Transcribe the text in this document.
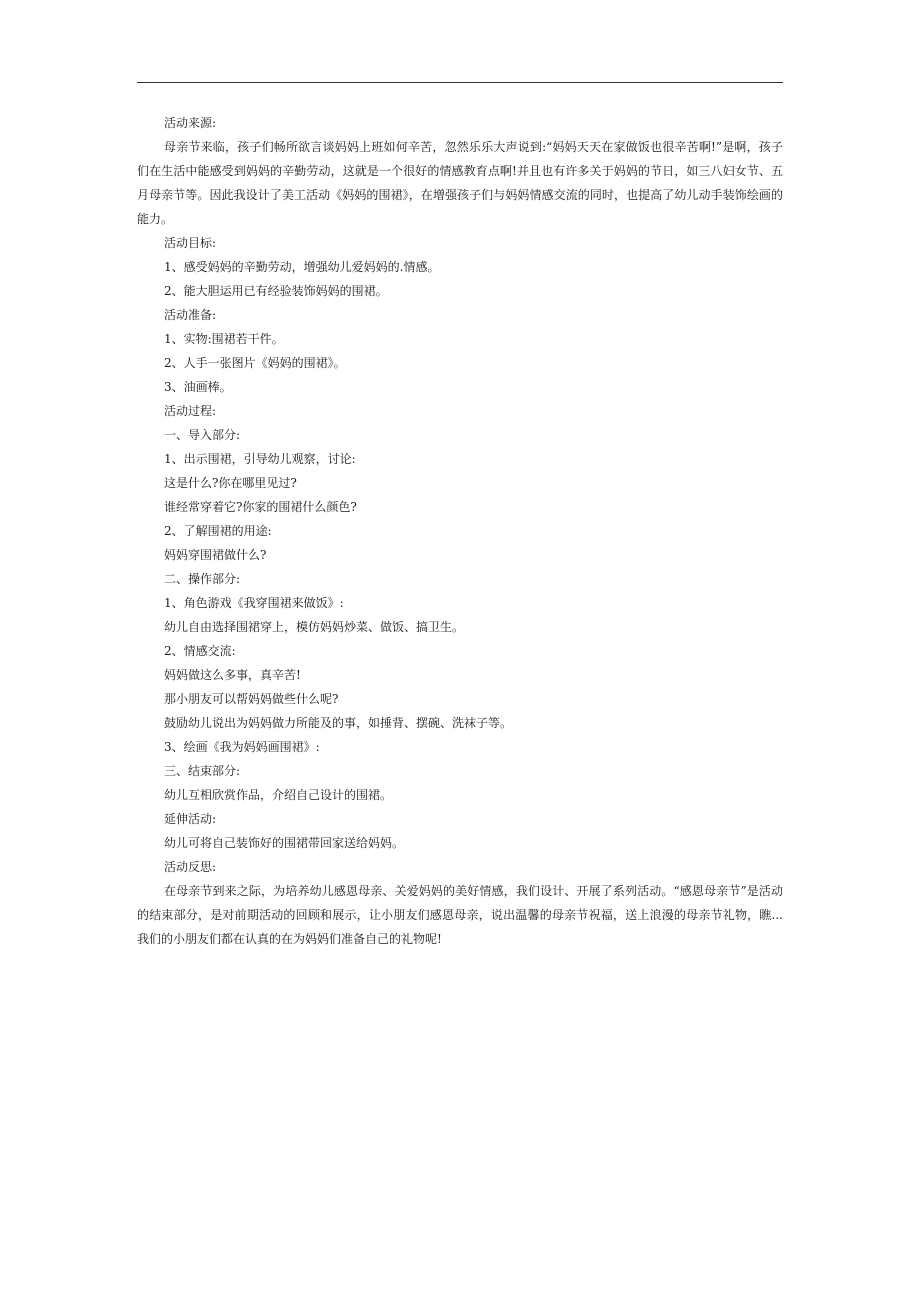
活动来源:

母亲节来临，孩子们畅所欲言谈妈妈上班如何辛苦，忽然乐乐大声说到:“妈妈天天在家做饭也很辛苦啊!”是啊，孩子们在生活中能感受到妈妈的辛勤劳动，这就是一个很好的情感教育点啊!并且也有许多关于妈妈的节日，如三八妇女节、五月母亲节等。因此我设计了美工活动《妈妈的围裙》，在增强孩子们与妈妈情感交流的同时，也提高了幼儿动手装饰绘画的能力。

活动目标:

1、感受妈妈的辛勤劳动，增强幼儿爱妈妈的.情感。

2、能大胆运用已有经验装饰妈妈的围裙。

活动准备:

1、实物:围裙若干件。

2、人手一张图片《妈妈的围裙》。

3、油画棒。

活动过程:

一、导入部分:

1、出示围裙，引导幼儿观察，讨论:

这是什么?你在哪里见过?

谁经常穿着它?你家的围裙什么颜色?

2、了解围裙的用途:

妈妈穿围裙做什么?

二、操作部分:

1、角色游戏《我穿围裙来做饭》:

幼儿自由选择围裙穿上，模仿妈妈炒菜、做饭、搞卫生。

2、情感交流:

妈妈做这么多事，真辛苦!

那小朋友可以帮妈妈做些什么呢?

鼓励幼儿说出为妈妈做力所能及的事，如捶背、摆碗、洗袜子等。

3、绘画《我为妈妈画围裙》:

三、结束部分:

幼儿互相欣赏作品，介绍自己设计的围裙。

延伸活动:

幼儿可将自己装饰好的围裙带回家送给妈妈。

活动反思:

在母亲节到来之际，为培养幼儿感恩母亲、关爱妈妈的美好情感，我们设计、开展了系列活动。“感恩母亲节”是活动的结束部分，是对前期活动的回顾和展示，让小朋友们感恩母亲，说出温馨的母亲节祝福，送上浪漫的母亲节礼物，瞧...我们的小朋友们都在认真的在为妈妈们准备自己的礼物呢!
